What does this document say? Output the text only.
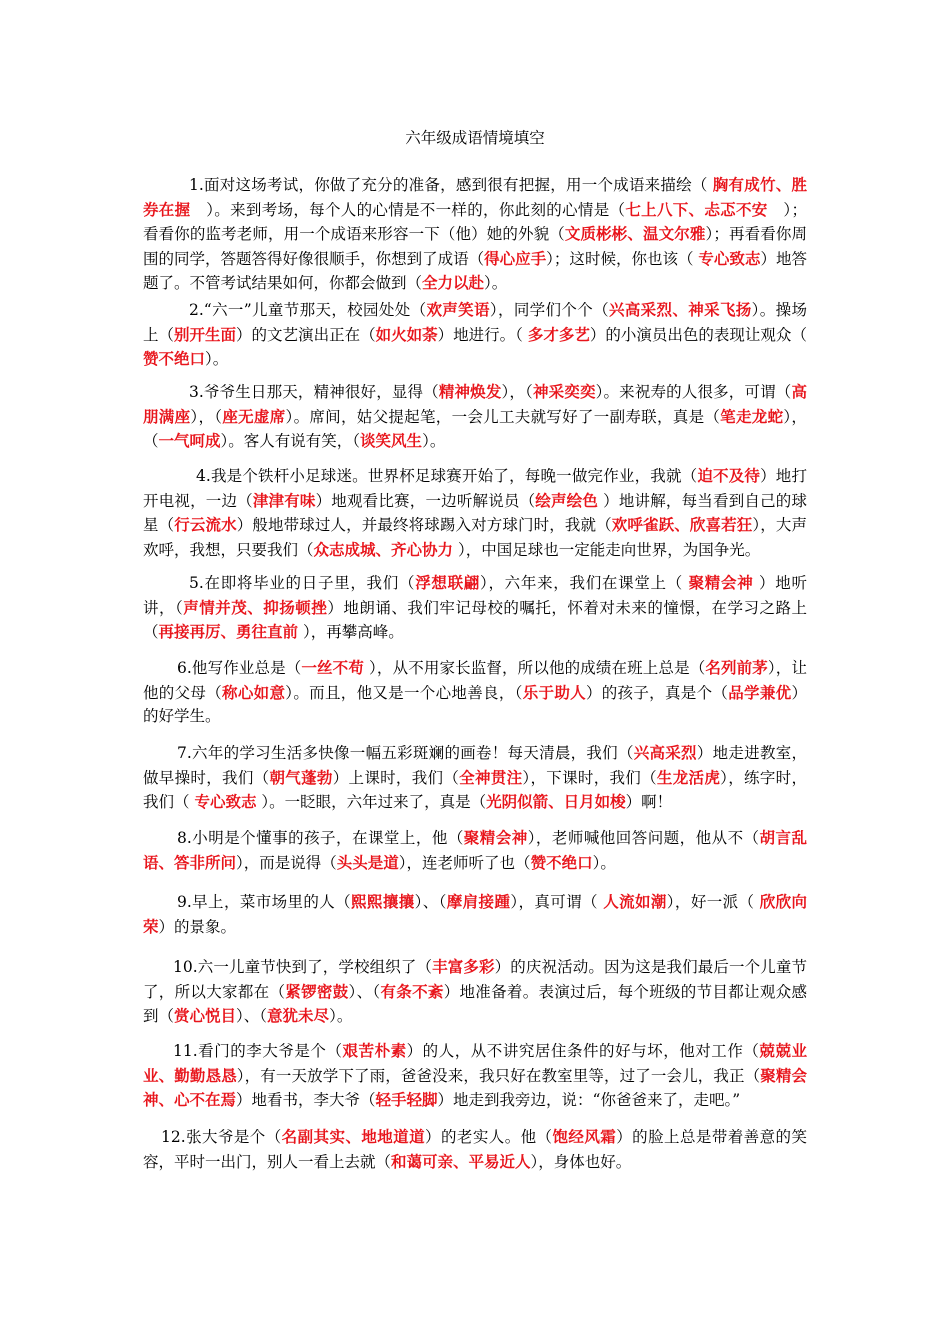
六年级成语情境填空

1.面对这场考试，你做了充分的准备，感到很有把握，用一个成语来描绘（ 胸有成竹、胜券在握　）。来到考场，每个人的心情是不一样的，你此刻的心情是（七上八下、忐忑不安　）；看看你的监考老师，用一个成语来形容一下（他）她的外貌（文质彬彬、温文尔雅）；再看看你周围的同学，答题答得好像很顺手，你想到了成语（得心应手）；这时候，你也该（ 专心致志）地答题了。不管考试结果如何，你都会做到（全力以赴）。

2.“六一”儿童节那天，校园处处（欢声笑语），同学们个个（兴高采烈、神采飞扬）。操场上（别开生面）的文艺演出正在（如火如荼）地进行。（ 多才多艺）的小演员出色的表现让观众（ 赞不绝口）。

3.爷爷生日那天，精神很好，显得（精神焕发），（神采奕奕）。来祝寿的人很多，可谓（高朋满座），（座无虚席）。席间，姑父提起笔，一会儿工夫就写好了一副寿联，真是（笔走龙蛇），（一气呵成）。客人有说有笑，（谈笑风生）。

4.我是个铁杆小足球迷。世界杯足球赛开始了，每晚一做完作业，我就（迫不及待）地打开电视，一边（津津有味）地观看比赛，一边听解说员（绘声绘色 ）地讲解，每当看到自己的球星（行云流水）般地带球过人，并最终将球踢入对方球门时，我就（欢呼雀跃、欣喜若狂），大声欢呼，我想，只要我们（众志成城、齐心协力 ），中国足球也一定能走向世界，为国争光。

5.在即将毕业的日子里，我们（浮想联翩），六年来，我们在课堂上（ 聚精会神 ）地听讲，（声情并茂、抑扬顿挫）地朗诵、我们牢记母校的嘱托，怀着对未来的憧憬，在学习之路上（再接再厉、勇往直前 ），再攀高峰。

6.他写作业总是（一丝不苟 ），从不用家长监督，所以他的成绩在班上总是（名列前茅），让他的父母（称心如意）。而且，他又是一个心地善良，（乐于助人）的孩子，真是个（品学兼优）的好学生。

7.六年的学习生活多快像一幅五彩斑斓的画卷！每天清晨，我们（兴高采烈）地走进教室，做早操时，我们（朝气蓬勃）上课时，我们（全神贯注），下课时，我们（生龙活虎），练字时，我们（ 专心致志 ）。一眨眼，六年过来了，真是（光阴似箭、日月如梭）啊！

8.小明是个懂事的孩子，在课堂上，他（聚精会神），老师喊他回答问题，他从不（胡言乱语、答非所问），而是说得（头头是道），连老师听了也（赞不绝口）。

9.早上，菜市场里的人（熙熙攘攘）、（摩肩接踵），真可谓（ 人流如潮），好一派（ 欣欣向荣）的景象。

10.六一儿童节快到了，学校组织了（丰富多彩）的庆祝活动。因为这是我们最后一个儿童节了，所以大家都在（紧锣密鼓）、（有条不紊）地准备着。表演过后，每个班级的节目都让观众感到（赏心悦目）、（意犹未尽）。

11.看门的李大爷是个（艰苦朴素）的人，从不讲究居住条件的好与坏，他对工作（兢兢业业、勤勤恳恳），有一天放学下了雨，爸爸没来，我只好在教室里等，过了一会儿，我正（聚精会神、心不在焉）地看书，李大爷（轻手轻脚）地走到我旁边，说：“你爸爸来了，走吧。”

12.张大爷是个（名副其实、地地道道）的老实人。他（饱经风霜）的脸上总是带着善意的笑容，平时一出门，别人一看上去就（和蔼可亲、平易近人），身体也好。
